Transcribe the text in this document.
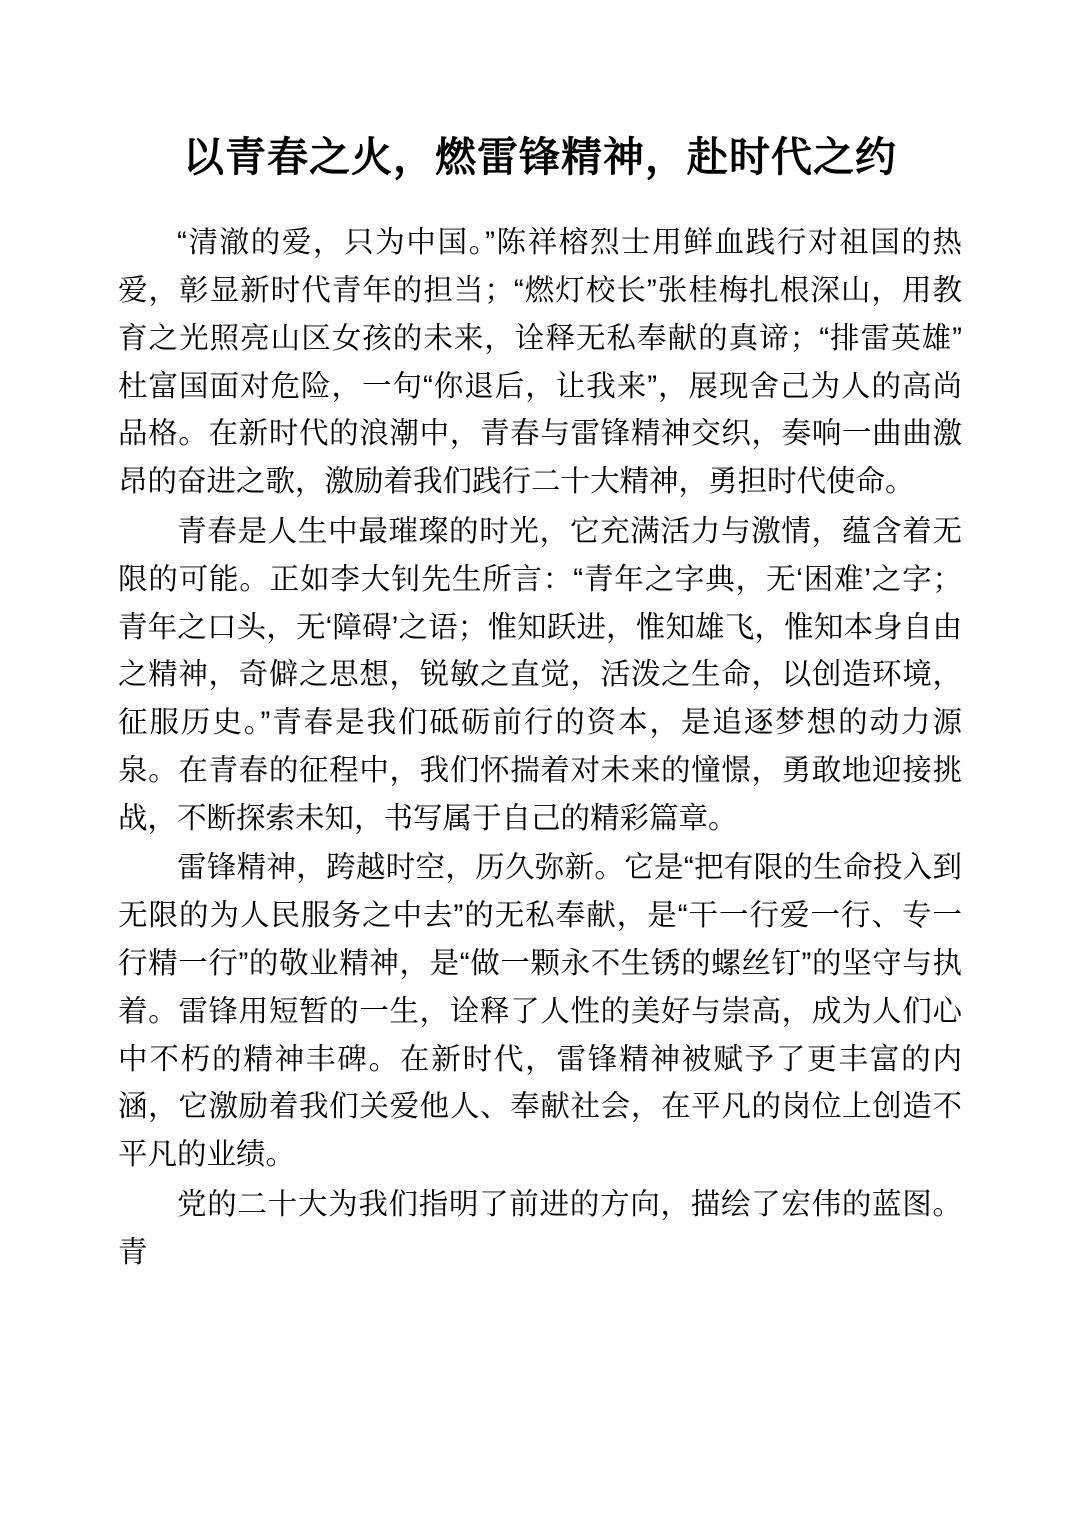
以青春之火，燃雷锋精神，赴时代之约

“清澈的爱，只为中国。”陈祥榕烈士用鲜血践行对祖国的热爱，彰显新时代青年的担当；“燃灯校长”张桂梅扎根深山，用教育之光照亮山区女孩的未来，诠释无私奉献的真谛；“排雷英雄”杜富国面对危险，一句“你退后，让我来”，展现舍己为人的高尚品格。在新时代的浪潮中，青春与雷锋精神交织，奏响一曲曲激昂的奋进之歌，激励着我们践行二十大精神，勇担时代使命。

青春是人生中最璀璨的时光，它充满活力与激情，蕴含着无限的可能。正如李大钊先生所言：“青年之字典，无‘困难’之字；青年之口头，无‘障碍’之语；惟知跃进，惟知雄飞，惟知本身自由之精神，奇僻之思想，锐敏之直觉，活泼之生命，以创造环境，征服历史。”青春是我们砥砺前行的资本，是追逐梦想的动力源泉。在青春的征程中，我们怀揣着对未来的憧憬，勇敢地迎接挑战，不断探索未知，书写属于自己的精彩篇章。

雷锋精神，跨越时空，历久弥新。它是“把有限的生命投入到无限的为人民服务之中去”的无私奉献，是“干一行爱一行、专一行精一行”的敬业精神，是“做一颗永不生锈的螺丝钉”的坚守与执着。雷锋用短暂的一生，诠释了人性的美好与崇高，成为人们心中不朽的精神丰碑。在新时代，雷锋精神被赋予了更丰富的内涵，它激励着我们关爱他人、奉献社会，在平凡的岗位上创造不平凡的业绩。

党的二十大为我们指明了前进的方向，描绘了宏伟的蓝图。青
